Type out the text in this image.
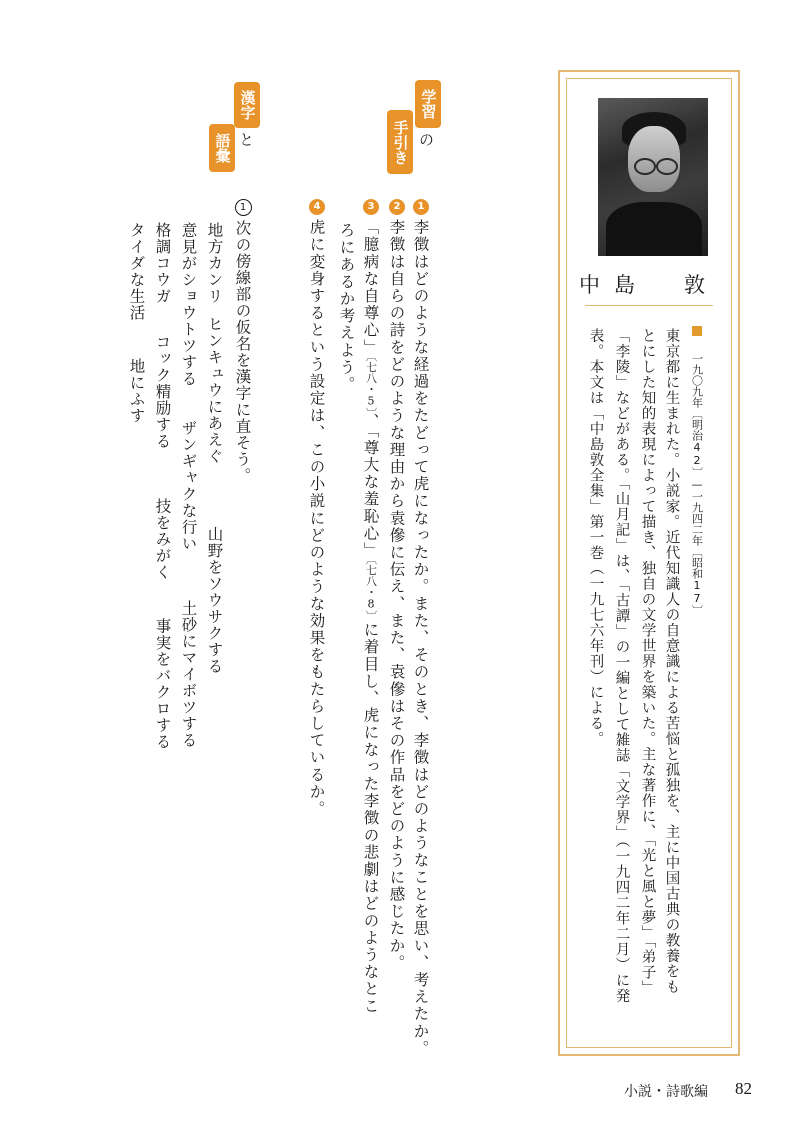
中島　敦
一九〇九年〔明治42〕—一九四二年〔昭和17〕
東京都に生まれた。小説家。近代知識人の自意識による苦悩と孤独を、主に中国古典の教養をも
とにした知的表現によって描き、独自の文学世界を築いた。主な著作に、「光と風と夢」「弟子」
「李陵」などがある。「山月記」は、「古譚」の一編として雑誌「文学界」（一九四二年二月）に発
表。本文は「中島敦全集」第一巻（一九七六年刊）による。
学習
の
手引き
1李徴はどのような経過をたどって虎になったか。また、そのとき、李徴はどのようなことを思い、考えたか。
2李徴は自らの詩をどのような理由から袁傪に伝え、また、袁傪はその作品をどのように感じたか。
3「臆病な自尊心」〔七八・5〕、「尊大な羞恥心」〔七八・8〕に着目し、虎になった李徴の悲劇はどのようなとこ
ろにあるか考えよう。
4虎に変身するという設定は、この小説にどのような効果をもたらしているか。
漢字
と
語彙
1次の傍線部の仮名を漢字に直そう。
地方カンリ
ヒンキュウにあえぐ
山野をソウサクする
意見がショウトツする
ザンギャクな行い
土砂にマイボツする
格調コウガ
コック精励する
技をみがく
事実をバクロする
タイダな生活
地にふす
小説・詩歌編 82
